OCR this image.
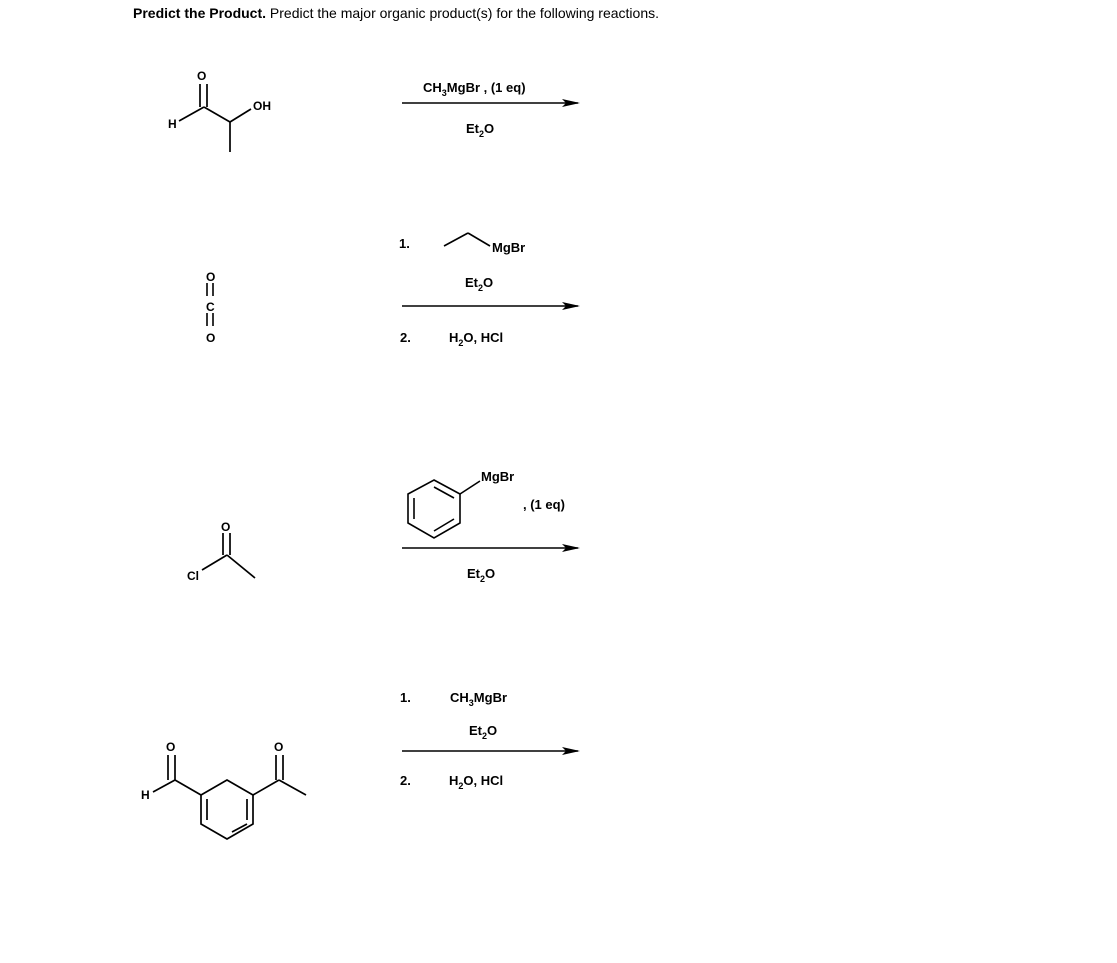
Predict the Product. Predict the major organic product(s) for the following reactions.
O
H
OH
$CH_3MgBr$ , (1 eq)
$Et_2O$
O
C
O
1.	MgBr
$Et_2O$
2.	$H_2O$, HCl
O
Cl
MgBr
, (1 eq)
$Et_2O$
O	O
H
1.	$CH_3MgBr$
$Et_2O$
2.	$H_2O$, HCl
